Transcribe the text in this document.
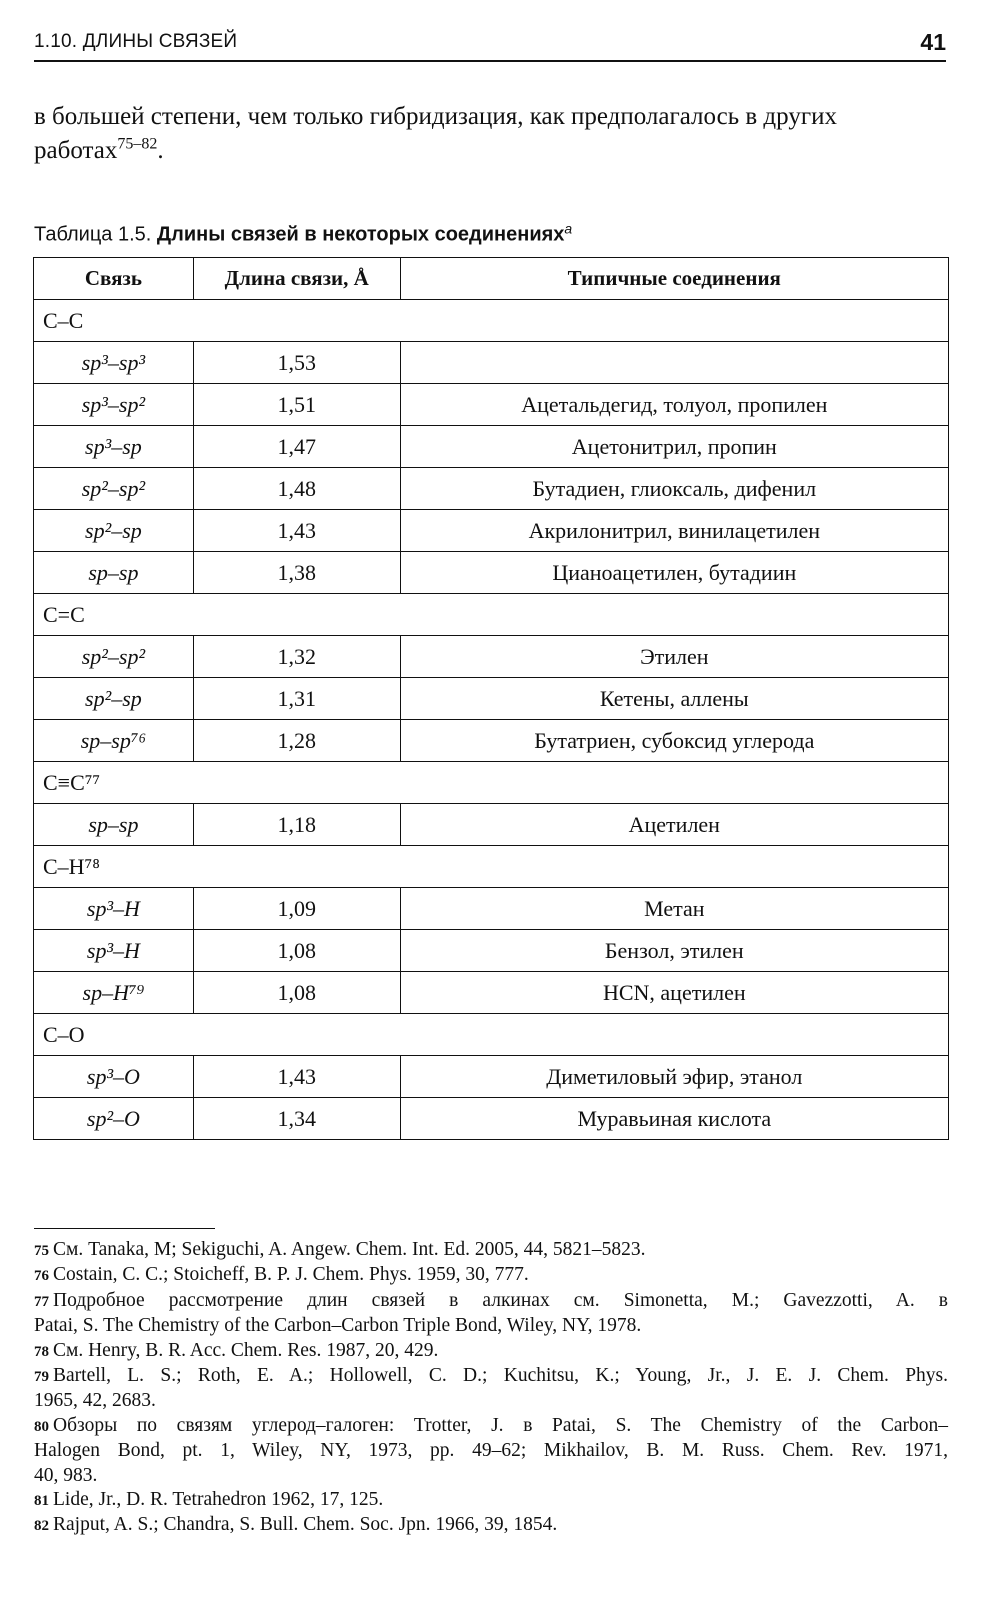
1.10. ДЛИНЫ СВЯЗЕЙ	41
в большей степени, чем только гибридизация, как предполагалось в других
работах$^{75-82}$.
Таблица 1.5. Длины связей в некоторых соединениях$^a$
Связь	Длина связи, Å	Типичные соединения
C–C		
sp³–sp³	1,53	
sp³–sp²	1,51	Ацетальдегид, толуол, пропилен
sp³–sp	1,47	Ацетонитрил, пропин
sp²–sp²	1,48	Бутадиен, глиоксаль, дифенил
sp²–sp	1,43	Акрилонитрил, винилацетилен
sp–sp	1,38	Цианоацетилен, бутадиин
C=C		
sp²–sp²	1,32	Этилен
sp²–sp	1,31	Кетены, аллены
sp–sp⁷⁶	1,28	Бутатриен, субоксид углерода
C≡C⁷⁷		
sp–sp	1,18	Ацетилен
C–H⁷⁸		
sp³–H	1,09	Метан
sp³–H	1,08	Бензол, этилен
sp–H⁷⁹	1,08	HCN, ацетилен
C–O		
sp³–O	1,43	Диметиловый эфир, этанол
sp²–O	1,34	Муравьиная кислота
75 См. Tanaka, M; Sekiguchi, A. Angew. Chem. Int. Ed. 2005, 44, 5821–5823.
76 Costain, C. C.; Stoicheff, B. P. J. Chem. Phys. 1959, 30, 777.
77 Подробное рассмотрение длин связей в алкинах см. Simonetta, M.; Gavezzotti, A. в
Patai, S. The Chemistry of the Carbon–Carbon Triple Bond, Wiley, NY, 1978.
78 См. Henry, B. R. Acc. Chem. Res. 1987, 20, 429.
79 Bartell, L. S.; Roth, E. A.; Hollowell, C. D.; Kuchitsu, K.; Young, Jr., J. E. J. Chem. Phys.
1965, 42, 2683.
80 Обзоры по связям углерод–галоген: Trotter, J. в Patai, S. The Chemistry of the Carbon–
Halogen Bond, pt. 1, Wiley, NY, 1973, pp. 49–62; Mikhailov, B. M. Russ. Chem. Rev. 1971,
40, 983.
81 Lide, Jr., D. R. Tetrahedron 1962, 17, 125.
82 Rajput, A. S.; Chandra, S. Bull. Chem. Soc. Jpn. 1966, 39, 1854.
